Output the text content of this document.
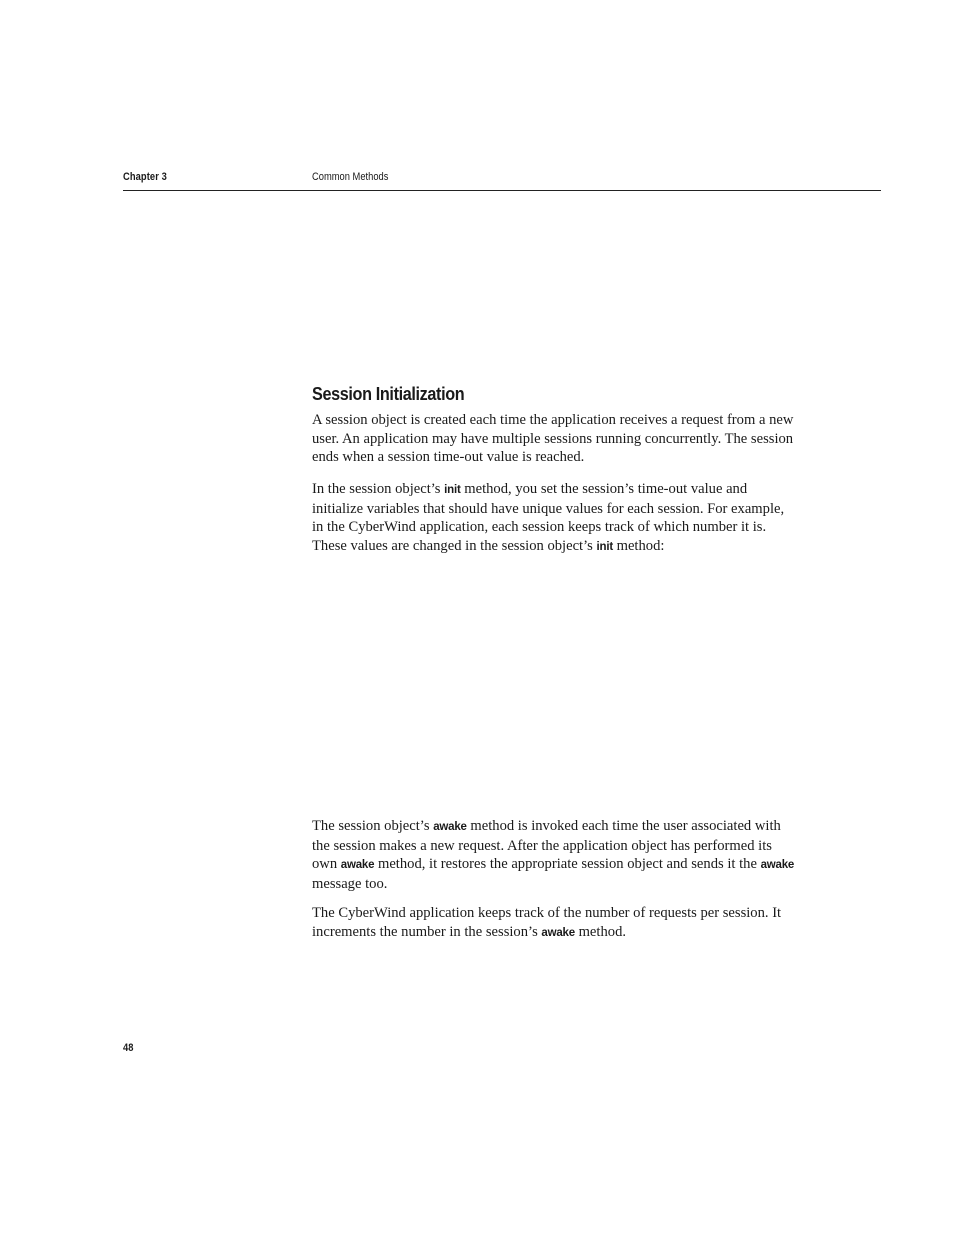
Chapter 3	Common Methods
Session Initialization

A session object is created each time the application receives a request from a new user. An application may have multiple sessions running concurrently. The session ends when a session time-out value is reached.

In the session object’s init method, you set the session’s time-out value and initialize variables that should have unique values for each session. For example, in the CyberWind application, each session keeps track of which number it is. These values are changed in the session object’s init method:

The session object’s awake method is invoked each time the user associated with the session makes a new request. After the application object has performed its own awake method, it restores the appropriate session object and sends it the awake message too.

The CyberWind application keeps track of the number of requests per session. It increments the number in the session’s awake method.

48
